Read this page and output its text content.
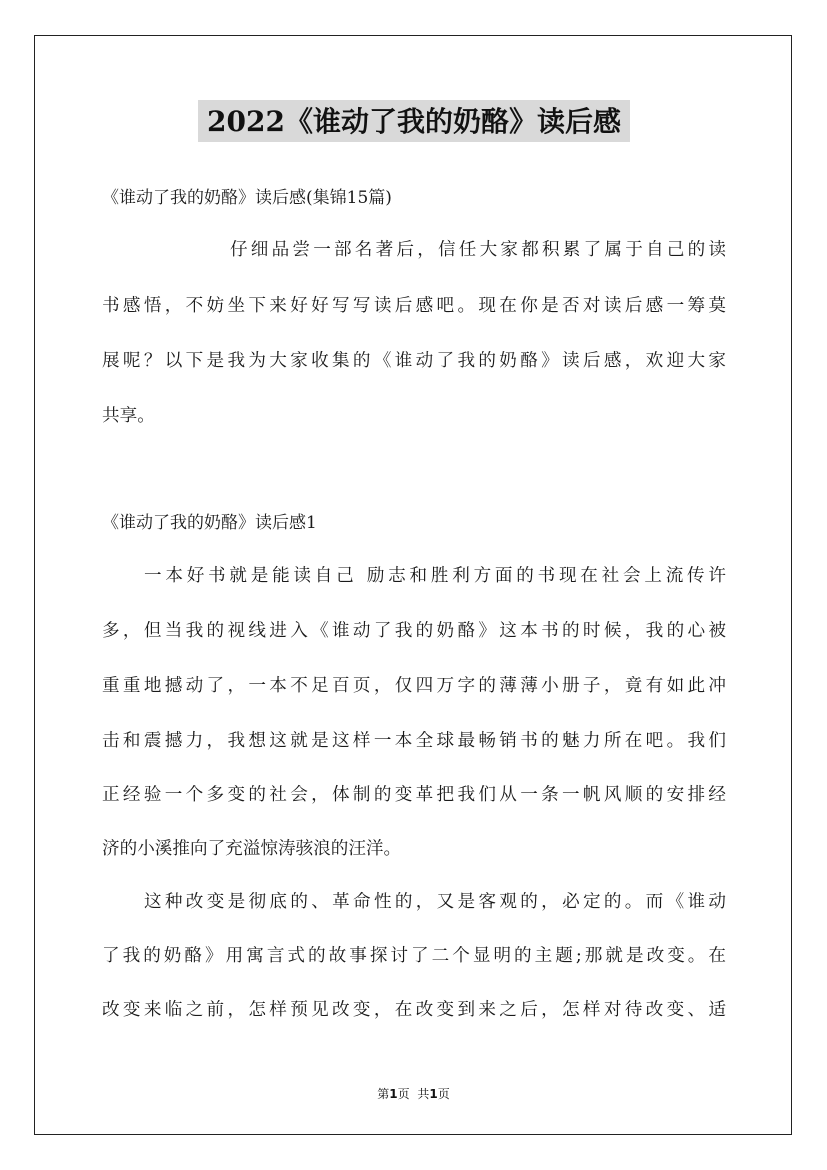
2022《谁动了我的奶酪》读后感

《谁动了我的奶酪》读后感(集锦15篇)

仔细品尝一部名著后，信任大家都积累了属于自己的读

书感悟，不妨坐下来好好写写读后感吧。现在你是否对读后感一筹莫

展呢？以下是我为大家收集的《谁动了我的奶酪》读后感，欢迎大家

共享。

《谁动了我的奶酪》读后感1

一本好书就是能读自己 励志和胜利方面的书现在社会上流传许

多，但当我的视线进入《谁动了我的奶酪》这本书的时候，我的心被

重重地撼动了，一本不足百页，仅四万字的薄薄小册子，竟有如此冲

击和震撼力，我想这就是这样一本全球最畅销书的魅力所在吧。我们

正经验一个多变的社会，体制的变革把我们从一条一帆风顺的安排经

济的小溪推向了充溢惊涛骇浪的汪洋。

这种改变是彻底的、革命性的，又是客观的，必定的。而《谁动

了我的奶酪》用寓言式的故事探讨了二个显明的主题;那就是改变。在

改变来临之前，怎样预见改变，在改变到来之后，怎样对待改变、适

第1页 共1页
